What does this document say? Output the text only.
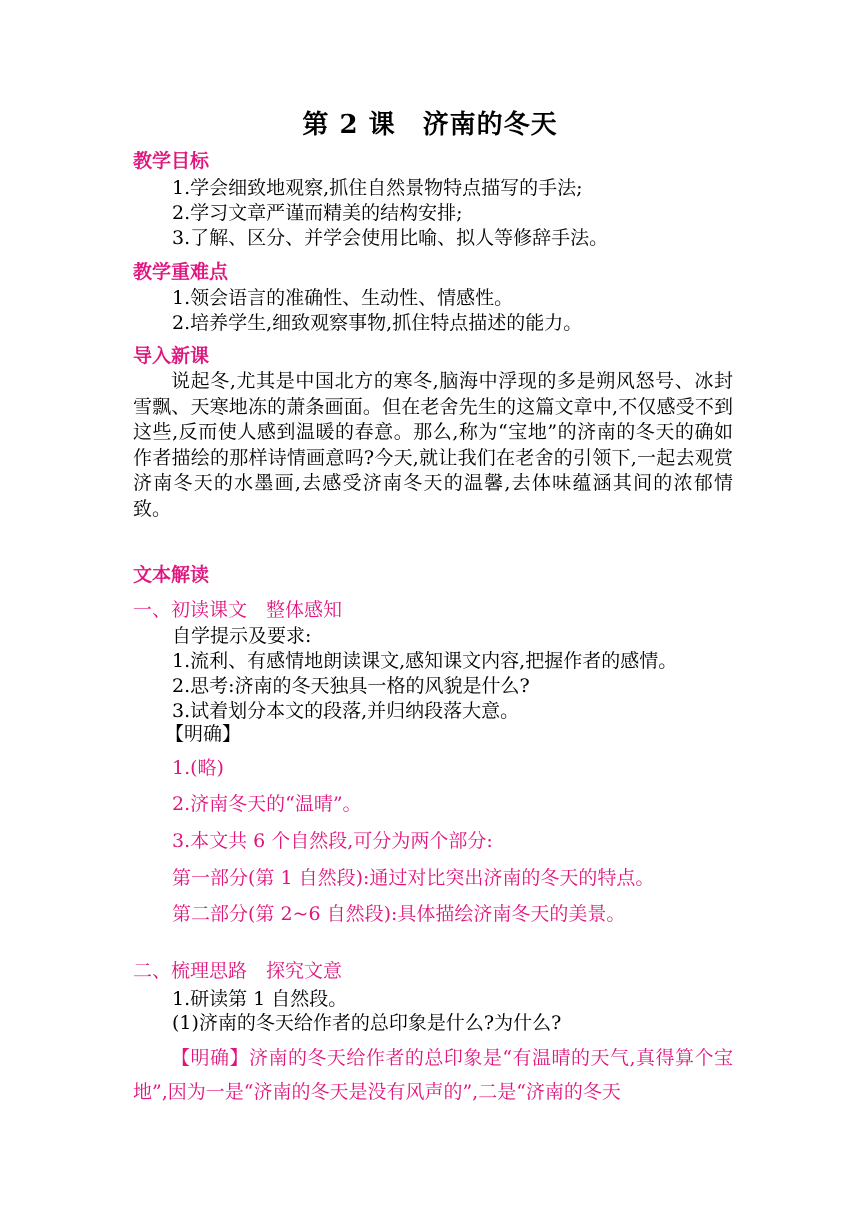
第 2 课　济南的冬天
教学目标
1.学会细致地观察,抓住自然景物特点描写的手法;
2.学习文章严谨而精美的结构安排;
3.了解、区分、并学会使用比喻、拟人等修辞手法。
教学重难点
1.领会语言的准确性、生动性、情感性。
2.培养学生,细致观察事物,抓住特点描述的能力。
导入新课
说起冬,尤其是中国北方的寒冬,脑海中浮现的多是朔风怒号、冰封雪飘、天寒地冻的萧条画面。但在老舍先生的这篇文章中,不仅感受不到这些,反而使人感到温暖的春意。那么,称为“宝地”的济南的冬天的确如作者描绘的那样诗情画意吗?今天,就让我们在老舍的引领下,一起去观赏济南冬天的水墨画,去感受济南冬天的温馨,去体味蕴涵其间的浓郁情致。
文本解读
一、初读课文　整体感知
自学提示及要求:
1.流利、有感情地朗读课文,感知课文内容,把握作者的感情。
2.思考:济南的冬天独具一格的风貌是什么?
3.试着划分本文的段落,并归纳段落大意。
【明确】
1.(略)
2.济南冬天的“温晴”。
3.本文共 6 个自然段,可分为两个部分:
第一部分(第 1 自然段):通过对比突出济南的冬天的特点。
第二部分(第 2~6 自然段):具体描绘济南冬天的美景。
二、梳理思路　探究文意
1.研读第 1 自然段。
(1)济南的冬天给作者的总印象是什么?为什么?
【明确】济南的冬天给作者的总印象是“有温晴的天气,真得算个宝地”,因为一是“济南的冬天是没有风声的”,二是“济南的冬天
